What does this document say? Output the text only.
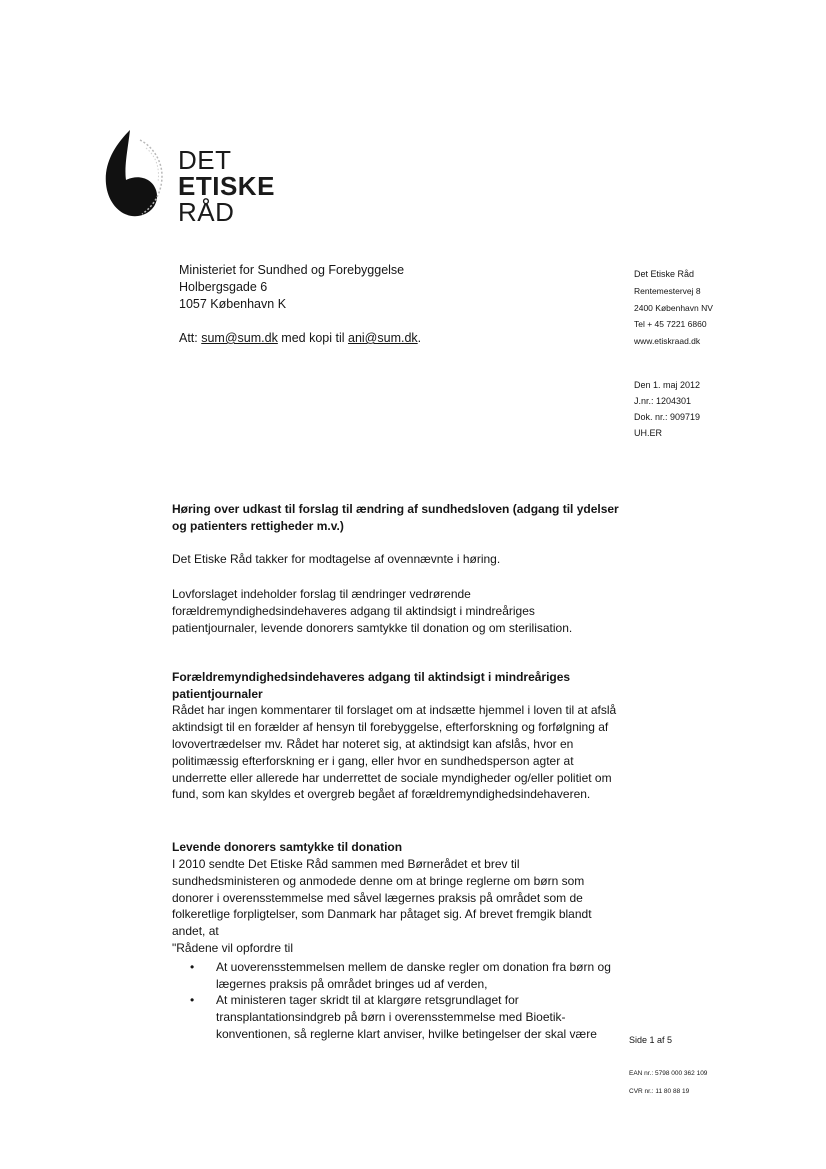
DET
ETISKE
RÅD
Ministeriet for Sundhed og Forebyggelse
Holbergsgade 6
1057 København K
Att: sum@sum.dk med kopi til ani@sum.dk.
Det Etiske Råd
Rentemestervej 8
2400 København NV
Tel + 45 7221 6860
www.etiskraad.dk
Den 1. maj 2012
J.nr.: 1204301
Dok. nr.: 909719
UH.ER

Høring over udkast til forslag til ændring af sundhedsloven (adgang til ydelser og patienters rettigheder m.v.)

Det Etiske Råd takker for modtagelse af ovennævnte i høring.

Lovforslaget indeholder forslag til ændringer vedrørende forældremyndighedsindehaveres adgang til aktindsigt i mindreåriges patientjournaler, levende donorers samtykke til donation og om sterilisation.

Forældremyndighedsindehaveres adgang til aktindsigt i mindreåriges patientjournaler

Rådet har ingen kommentarer til forslaget om at indsætte hjemmel i loven til at afslå aktindsigt til en forælder af hensyn til forebyggelse, efterforskning og forfølgning af lovovertrædelser mv. Rådet har noteret sig, at aktindsigt kan afslås, hvor en politimæssig efterforskning er i gang, eller hvor en sundhedsperson agter at underrette eller allerede har underrettet de sociale myndigheder og/eller politiet om fund, som kan skyldes et overgreb begået af forældremyndighedsindehaveren.

Levende donorers samtykke til donation

I 2010 sendte Det Etiske Råd sammen med Børnerådet et brev til sundhedsministeren og anmodede denne om at bringe reglerne om børn som donorer i overensstemmelse med såvel lægernes praksis på området som de folkeretlige forpligtelser, som Danmark har påtaget sig. Af brevet fremgik blandt andet, at

"Rådene vil opfordre til

• At uoverensstemmelsen mellem de danske regler om donation fra børn og lægernes praksis på området bringes ud af verden,
• At ministeren tager skridt til at klargøre retsgrundlaget for transplantationsindgreb på børn i overensstemmelse med Bioetik-konventionen, så reglerne klart anviser, hvilke betingelser der skal være	Side 1 af 5
EAN nr.: 5798 000 362 109
CVR nr.: 11 80 88 19
